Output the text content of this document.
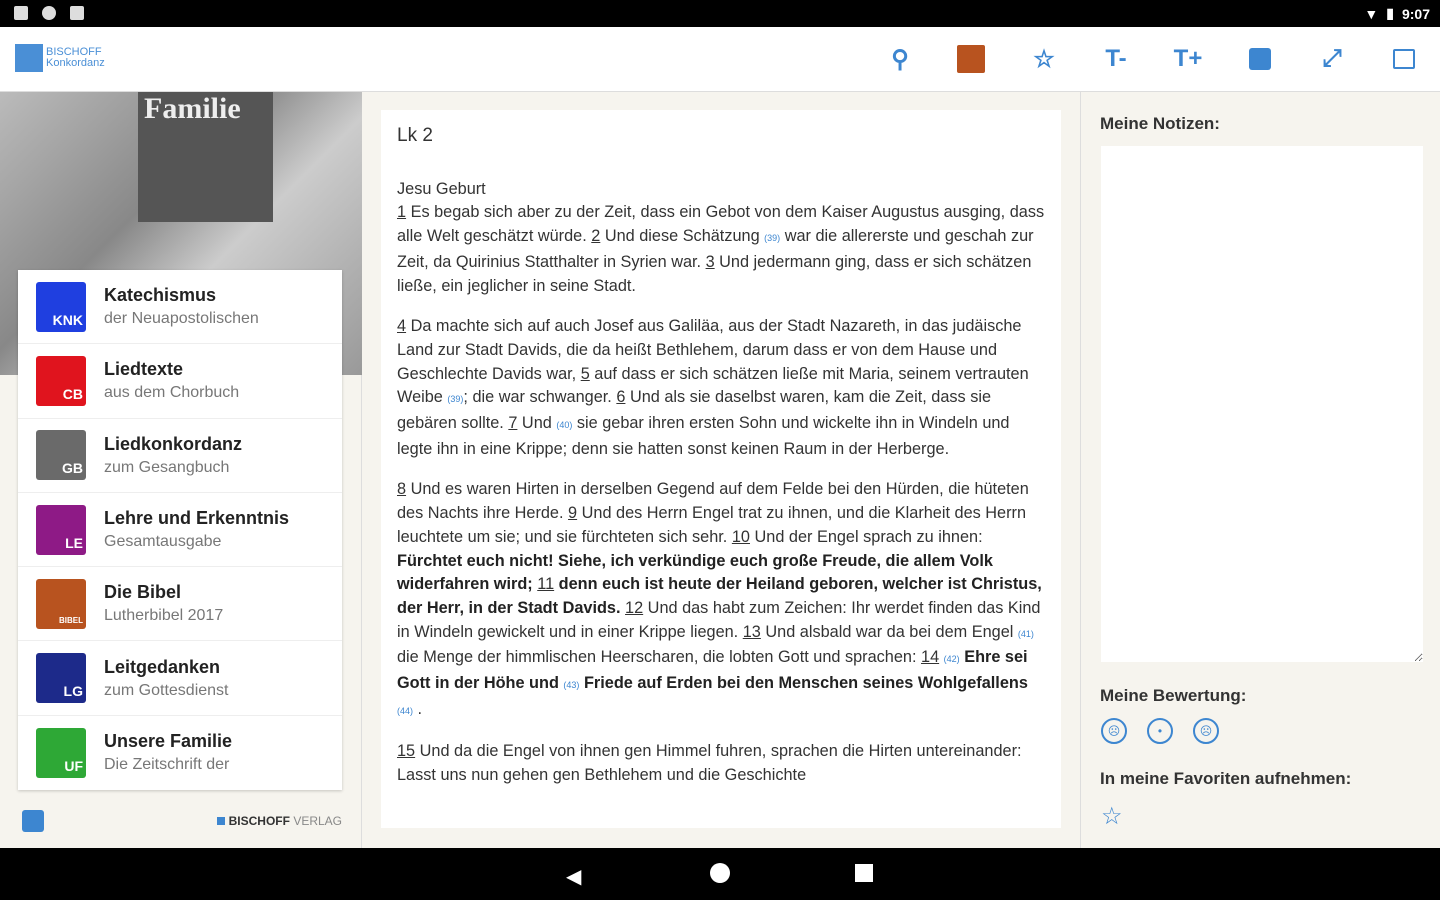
▼ ▮ 9:07
BISCHOFF
Konkordanz	⚲	☆	T-	T+	⤢
Familie
KNK
Katechismus
der Neuapostolischen
CB
Liedtexte
aus dem Chorbuch
GB
Liedkonkordanz
zum Gesangbuch
LE
Lehre und Erkenntnis
Gesamtausgabe
BIBEL
Die Bibel
Lutherbibel 2017
LG
Leitgedanken
zum Gottesdienst
UF
Unsere Familie
Die Zeitschrift der
BISCHOFF VERLAG
Lk 2

Jesu Geburt
1 Es begab sich aber zu der Zeit, dass ein Gebot von dem Kaiser Augustus ausging, dass alle Welt geschätzt würde. 2 Und diese Schätzung (39) war die allererste und geschah zur Zeit, da Quirinius Statthalter in Syrien war. 3 Und jedermann ging, dass er sich schätzen ließe, ein jeglicher in seine Stadt.

4 Da machte sich auf auch Josef aus Galiläa, aus der Stadt Nazareth, in das judäische Land zur Stadt Davids, die da heißt Bethlehem, darum dass er von dem Hause und Geschlechte Davids war, 5 auf dass er sich schätzen ließe mit Maria, seinem vertrauten Weibe (39); die war schwanger. 6 Und als sie daselbst waren, kam die Zeit, dass sie gebären sollte. 7 Und (40) sie gebar ihren ersten Sohn und wickelte ihn in Windeln und legte ihn in eine Krippe; denn sie hatten sonst keinen Raum in der Herberge.

8 Und es waren Hirten in derselben Gegend auf dem Felde bei den Hürden, die hüteten des Nachts ihre Herde. 9 Und des Herrn Engel trat zu ihnen, und die Klarheit des Herrn leuchtete um sie; und sie fürchteten sich sehr. 10 Und der Engel sprach zu ihnen: Fürchtet euch nicht! Siehe, ich verkündige euch große Freude, die allem Volk widerfahren wird; 11 denn euch ist heute der Heiland geboren, welcher ist Christus, der Herr, in der Stadt Davids. 12 Und das habt zum Zeichen: Ihr werdet finden das Kind in Windeln gewickelt und in einer Krippe liegen. 13 Und alsbald war da bei dem Engel (41) die Menge der himmlischen Heerscharen, die lobten Gott und sprachen: 14 (42) Ehre sei Gott in der Höhe und (43) Friede auf Erden bei den Menschen seines Wohlgefallens (44) .

15 Und da die Engel von ihnen gen Himmel fuhren, sprachen die Hirten untereinander: Lasst uns nun gehen gen Bethlehem und die Geschichte

Meine Notizen:
Meine Bewertung:
☹	•	☹
In meine Favoriten aufnehmen:
☆
◀
